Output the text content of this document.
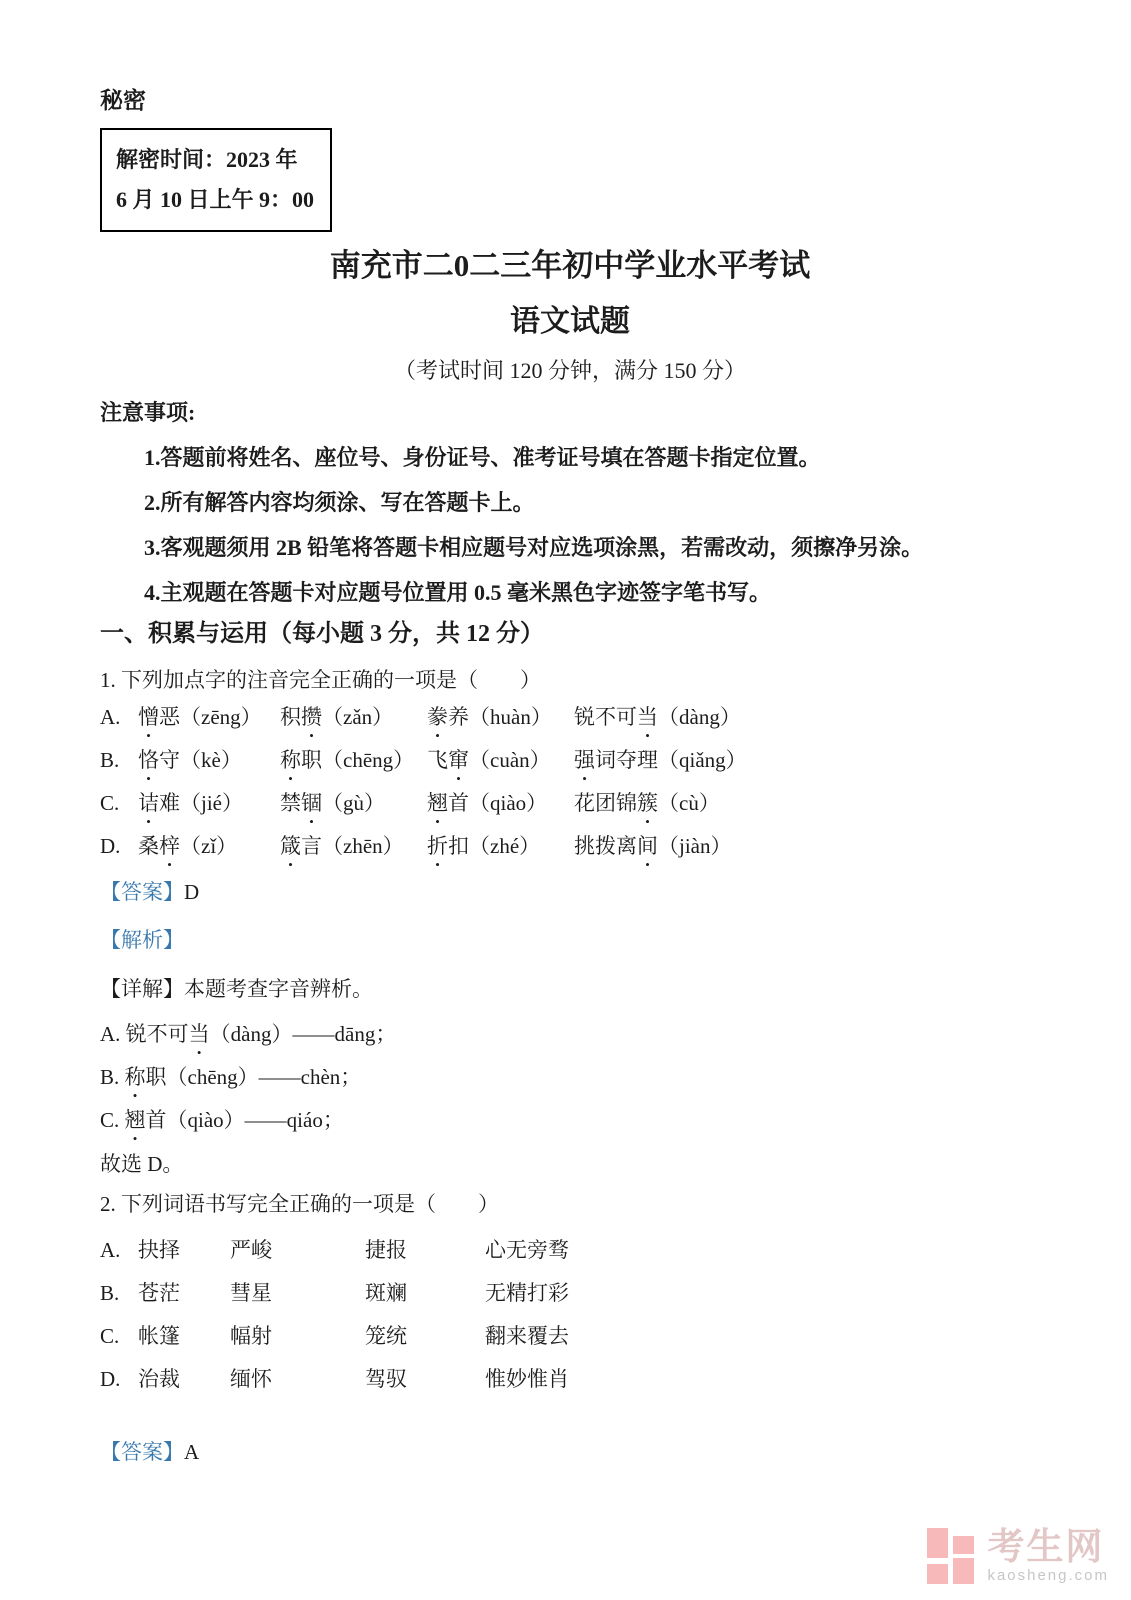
秘密

解密时间：2023 年
6 月 10 日上午 9：00
南充市二0二三年初中学业水平考试
语文试题

（考试时间 120 分钟，满分 150 分）

注意事项:

1.答题前将姓名、座位号、身份证号、准考证号填在答题卡指定位置。

2.所有解答内容均须涂、写在答题卡上。

3.客观题须用 2B 铅笔将答题卡相应题号对应选项涂黑，若需改动，须擦净另涂。

4.主观题在答题卡对应题号位置用 0.5 毫米黑色字迹签字笔书写。

一、积累与运用（每小题 3 分，共 12 分）

1. 下列加点字的注音完全正确的一项是（　　）

A. 憎恶（zēng） 积攒（zǎn）	豢养（huàn）	锐不可当（dàng）
B. 恪守（kè）	称职（chēng） 飞窜（cuàn）	强词夺理（qiǎng）
C. 诘难（jié）	禁锢（gù）	翘首（qiào）	花团锦簇（cù）
D. 桑梓（zǐ）	箴言（zhēn）	折扣（zhé）	挑拨离间（jiàn）

【答案】D

【解析】

【详解】本题考查字音辨析。

A. 锐不可当（dàng）——dāng；

B. 称职（chēng）——chèn；

C. 翘首（qiào）——qiáo；

故选 D。

2. 下列词语书写完全正确的一项是（　　）

A. 抉择	严峻	捷报	心无旁骛
B. 苍茫	彗星	斑斓	无精打彩
C. 帐篷	幅射	笼统	翻来覆去
D. 治裁	缅怀	驾驭	惟妙惟肖

【答案】A

考生网
kaosheng.com
